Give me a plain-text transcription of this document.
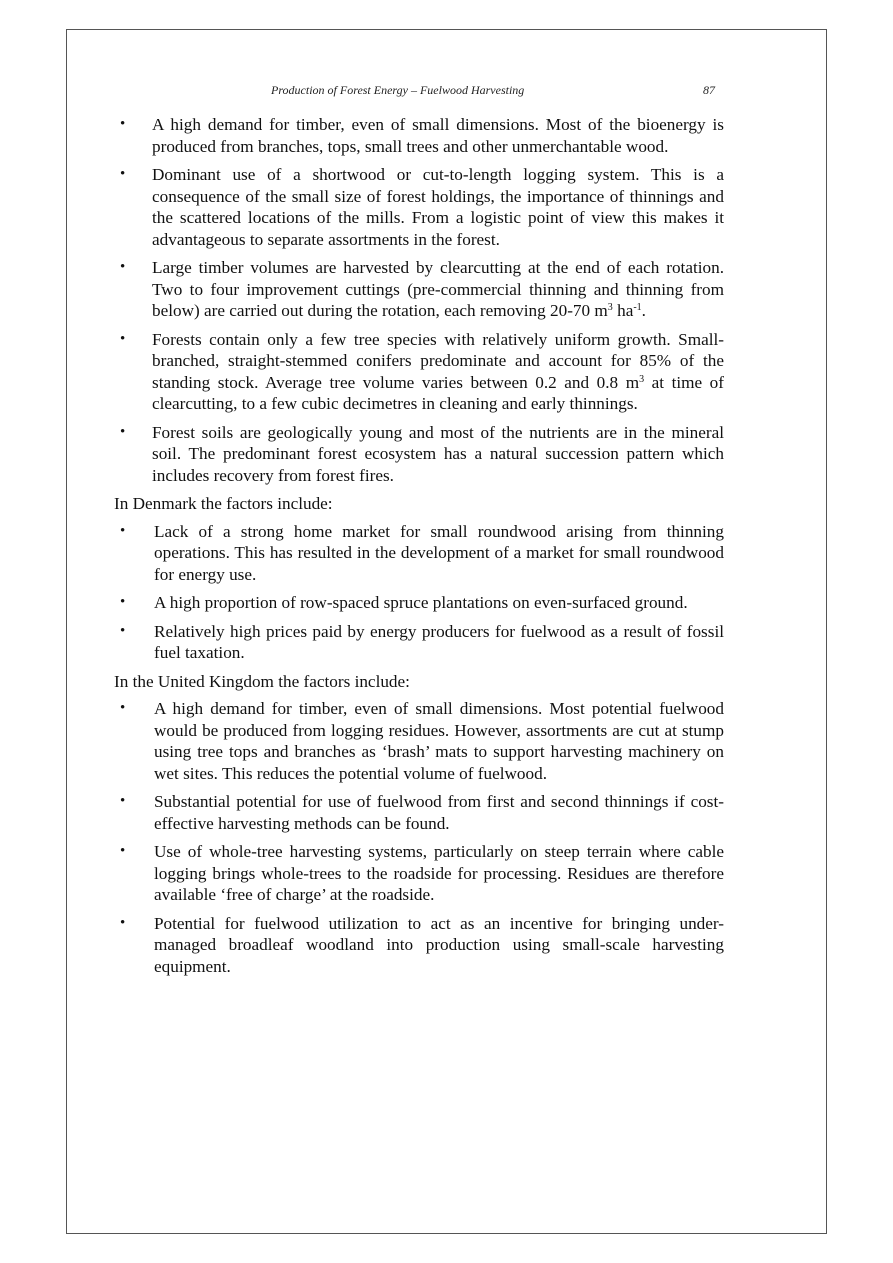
Production of Forest Energy – Fuelwood Harvesting	87
• A high demand for timber, even of small dimensions. Most of the bioenergy is produced from branches, tops, small trees and other unmerchantable wood.
• Dominant use of a shortwood or cut-to-length logging system. This is a consequence of the small size of forest holdings, the importance of thinnings and the scattered locations of the mills. From a logistic point of view this makes it advantageous to separate assortments in the forest.
• Large timber volumes are harvested by clearcutting at the end of each rotation. Two to four improvement cuttings (pre-commercial thinning and thinning from below) are carried out during the rotation, each removing 20-70 $m^3$ $ha^{-1}$.
• Forests contain only a few tree species with relatively uniform growth. Small-branched, straight-stemmed conifers predominate and account for 85% of the standing stock. Average tree volume varies between 0.2 and 0.8 $m^3$ at time of clearcutting, to a few cubic decimetres in cleaning and early thinnings.
• Forest soils are geologically young and most of the nutrients are in the mineral soil. The predominant forest ecosystem has a natural succession pattern which includes recovery from forest fires.

In Denmark the factors include:

• Lack of a strong home market for small roundwood arising from thinning operations. This has resulted in the development of a market for small roundwood for energy use.
• A high proportion of row-spaced spruce plantations on even-surfaced ground.
• Relatively high prices paid by energy producers for fuelwood as a result of fossil fuel taxation.

In the United Kingdom the factors include:

• A high demand for timber, even of small dimensions. Most potential fuelwood would be produced from logging residues. However, assortments are cut at stump using tree tops and branches as ‘brash’ mats to support harvesting machinery on wet sites. This reduces the potential volume of fuelwood.
• Substantial potential for use of fuelwood from first and second thinnings if cost-effective harvesting methods can be found.
• Use of whole-tree harvesting systems, particularly on steep terrain where cable logging brings whole-trees to the roadside for processing. Residues are therefore available ‘free of charge’ at the roadside.
• Potential for fuelwood utilization to act as an incentive for bringing under-managed broadleaf woodland into production using small-scale harvesting equipment.
